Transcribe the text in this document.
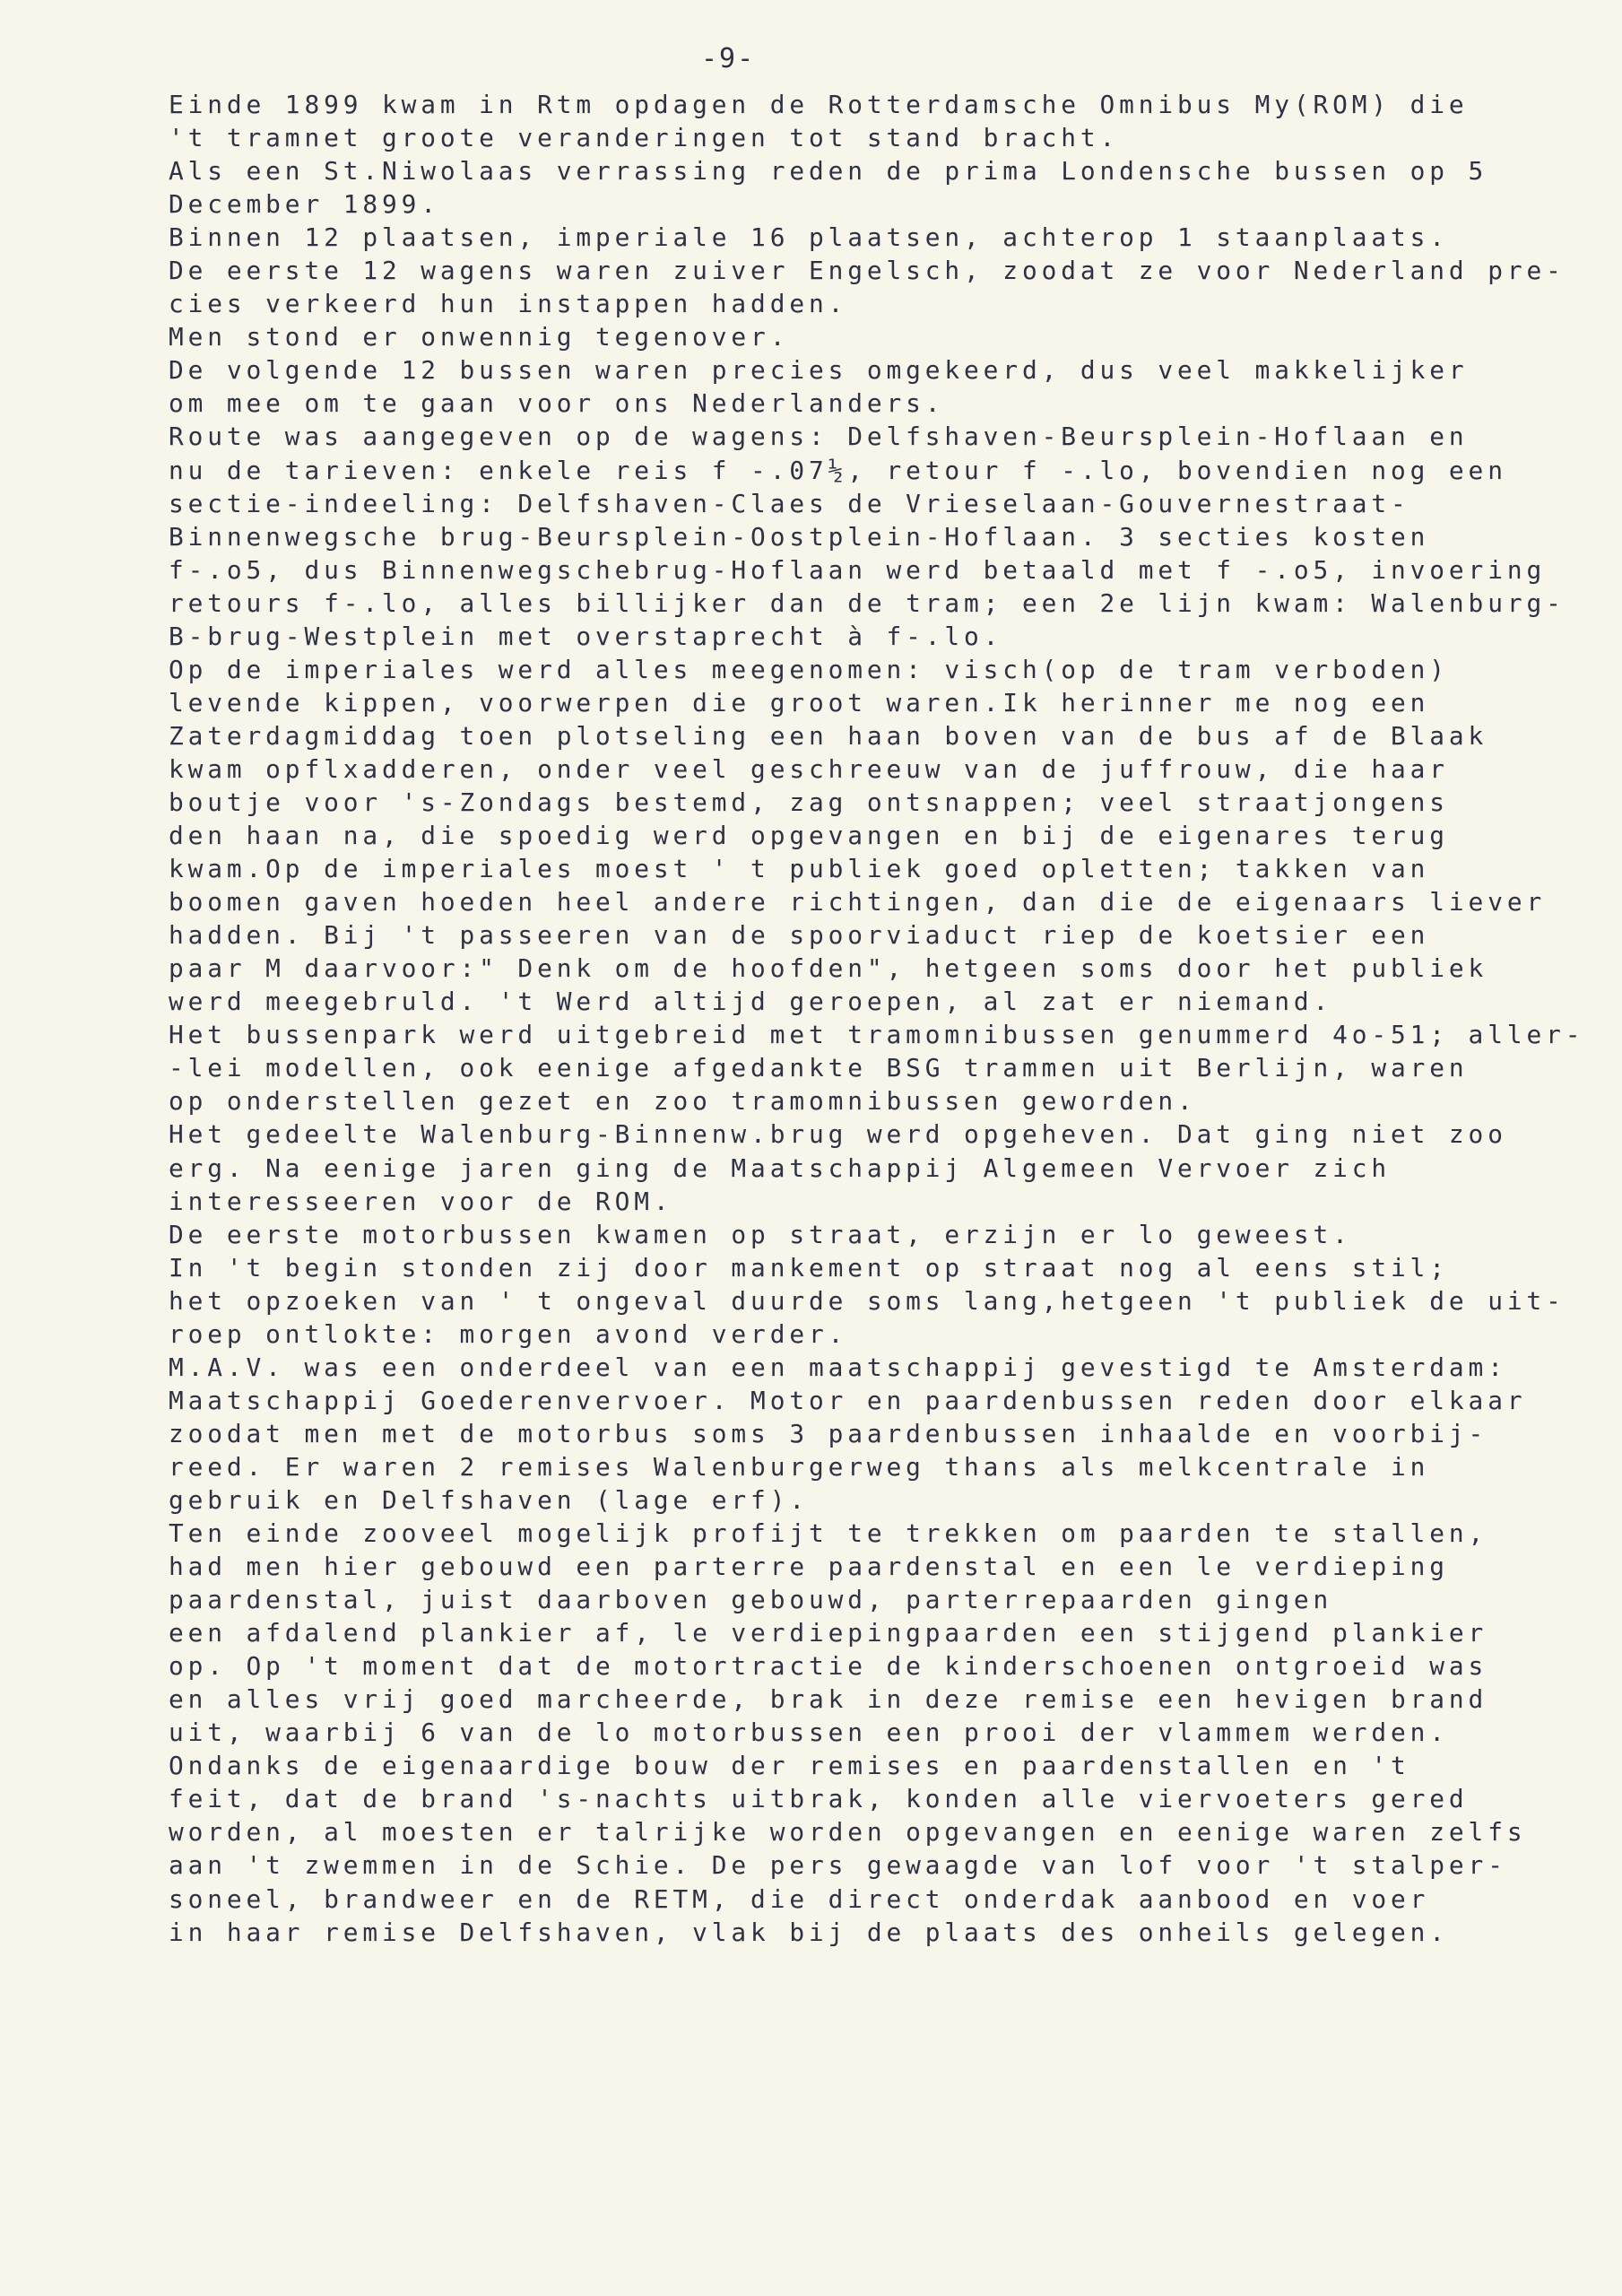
-9-
Einde 1899 kwam in Rtm opdagen de Rotterdamsche Omnibus My(ROM) die
't tramnet groote veranderingen tot stand bracht.
Als een St.Niwolaas verrassing reden de prima Londensche bussen op 5
December 1899.
Binnen 12 plaatsen, imperiale 16 plaatsen, achterop 1 staanplaats.
De eerste 12 wagens waren zuiver Engelsch, zoodat ze voor Nederland pre-
cies verkeerd hun instappen hadden.
Men stond er onwennig tegenover.
De volgende 12 bussen waren precies omgekeerd, dus veel makkelijker
om mee om te gaan voor ons Nederlanders.
Route was aangegeven op de wagens: Delfshaven-Beursplein-Hoflaan en
nu de tarieven: enkele reis f -.07½, retour f -.lo, bovendien nog een
sectie-indeeling: Delfshaven-Claes de Vrieselaan-Gouvernestraat-
Binnenwegsche brug-Beursplein-Oostplein-Hoflaan. 3 secties kosten
f-.o5, dus Binnenwegschebrug-Hoflaan werd betaald met f -.o5, invoering
retours f-.lo, alles billijker dan de tram; een 2e lijn kwam: Walenburg-
B-brug-Westplein met overstaprecht à f-.lo.
Op de imperiales werd alles meegenomen: visch(op de tram verboden)
levende kippen, voorwerpen die groot waren.Ik herinner me nog een
Zaterdagmiddag toen plotseling een haan boven van de bus af de Blaak
kwam opflxadderen, onder veel geschreeuw van de juffrouw, die haar
boutje voor 's-Zondags bestemd, zag ontsnappen; veel straatjongens
den haan na, die spoedig werd opgevangen en bij de eigenares terug
kwam.Op de imperiales moest ' t publiek goed opletten; takken van
boomen gaven hoeden heel andere richtingen, dan die de eigenaars liever
hadden. Bij 't passeeren van de spoorviaduct riep de koetsier een
paar M daarvoor:" Denk om de hoofden", hetgeen soms door het publiek
werd meegebruld. 't Werd altijd geroepen, al zat er niemand.
Het bussenpark werd uitgebreid met tramomnibussen genummerd 4o-51; aller-
-lei modellen, ook eenige afgedankte BSG trammen uit Berlijn, waren
op onderstellen gezet en zoo tramomnibussen geworden.
Het gedeelte Walenburg-Binnenw.brug werd opgeheven. Dat ging niet zoo
erg. Na eenige jaren ging de Maatschappij Algemeen Vervoer zich
interesseeren voor de ROM.
De eerste motorbussen kwamen op straat, erzijn er lo geweest.
In 't begin stonden zij door mankement op straat nog al eens stil;
het opzoeken van ' t ongeval duurde soms lang,hetgeen 't publiek de uit-
roep ontlokte: morgen avond verder.
M.A.V. was een onderdeel van een maatschappij gevestigd te Amsterdam:
Maatschappij Goederenvervoer. Motor en paardenbussen reden door elkaar
zoodat men met de motorbus soms 3 paardenbussen inhaalde en voorbij-
reed. Er waren 2 remises Walenburgerweg thans als melkcentrale in
gebruik en Delfshaven (lage erf).
Ten einde zooveel mogelijk profijt te trekken om paarden te stallen,
had men hier gebouwd een parterre paardenstal en een le verdieping
paardenstal, juist daarboven gebouwd, parterrepaarden gingen
een afdalend plankier af, le verdiepingpaarden een stijgend plankier
op. Op 't moment dat de motortractie de kinderschoenen ontgroeid was
en alles vrij goed marcheerde, brak in deze remise een hevigen brand
uit, waarbij 6 van de lo motorbussen een prooi der vlammem werden.
Ondanks de eigenaardige bouw der remises en paardenstallen en 't
feit, dat de brand 's-nachts uitbrak, konden alle viervoeters gered
worden, al moesten er talrijke worden opgevangen en eenige waren zelfs
aan 't zwemmen in de Schie. De pers gewaagde van lof voor 't stalper-
soneel, brandweer en de RETM, die direct onderdak aanbood en voer
in haar remise Delfshaven, vlak bij de plaats des onheils gelegen.
